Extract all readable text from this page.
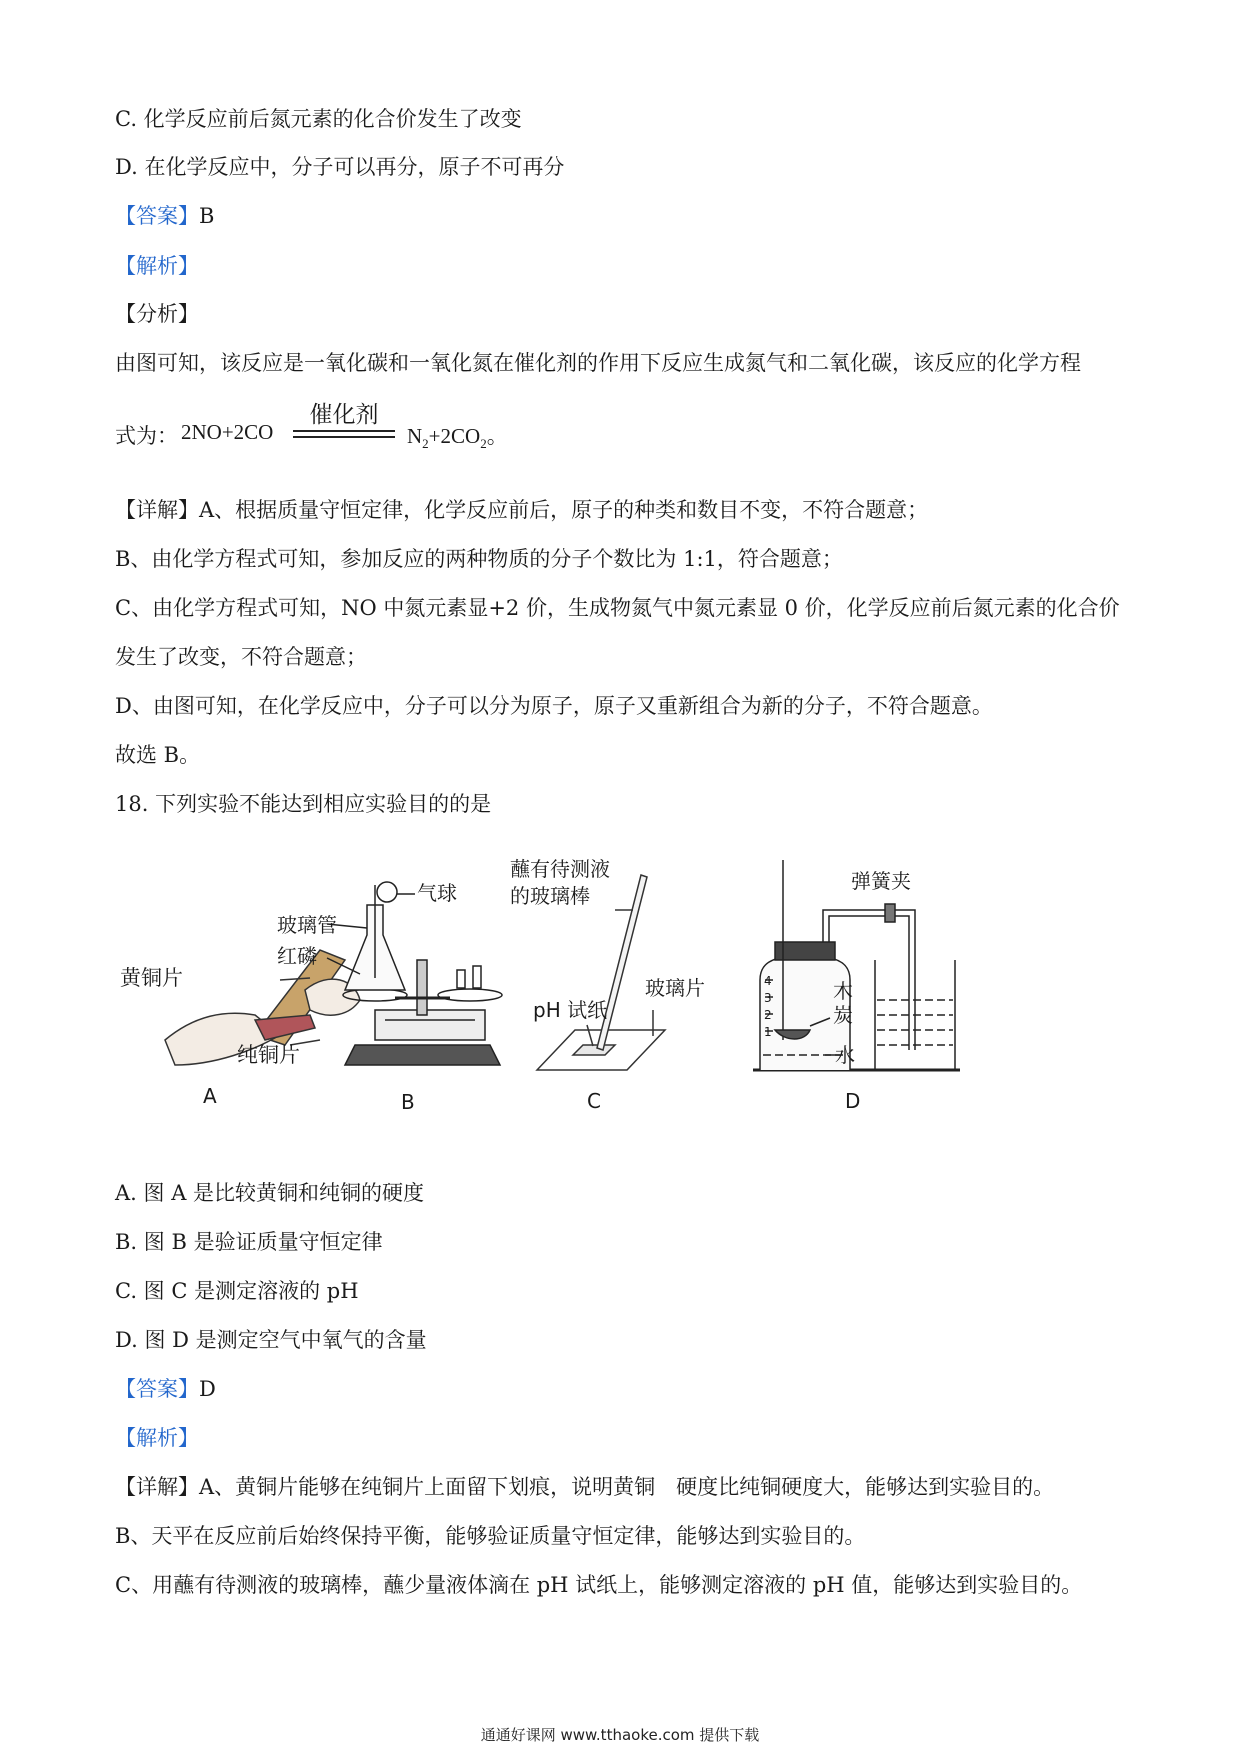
C. 化学反应前后氮元素的化合价发生了改变
D. 在化学反应中，分子可以再分，原子不可再分
【答案】B
【解析】
【分析】
由图可知，该反应是一氧化碳和一氧化氮在催化剂的作用下反应生成氮气和二氧化碳，该反应的化学方程
式为： 2NO+2CO
催化剂
$N_2+2CO_2$。
【详解】A、根据质量守恒定律，化学反应前后，原子的种类和数目不变，不符合题意；
B、由化学方程式可知，参加反应的两种物质的分子个数比为 1:1，符合题意；
C、由化学方程式可知，NO 中氮元素显+2 价，生成物氮气中氮元素显 0 价，化学反应前后氮元素的化合价
发生了改变，不符合题意；
D、由图可知，在化学反应中，分子可以分为原子，原子又重新组合为新的分子，不符合题意。
故选 B。
18. 下列实验不能达到相应实验目的的是
黄铜片
纯铜片
A
玻璃管
红磷
气球
B
蘸有待测液
的玻璃棒
pH 试纸
玻璃片
C
弹簧夹
木
炭
水
4
3
2
1
D
A. 图 A 是比较黄铜和纯铜的硬度
B. 图 B 是验证质量守恒定律
C. 图 C 是测定溶液的 pH
D. 图 D 是测定空气中氧气的含量
【答案】D
【解析】
【详解】A、黄铜片能够在纯铜片上面留下划痕，说明黄铜　硬度比纯铜硬度大，能够达到实验目的。
B、天平在反应前后始终保持平衡，能够验证质量守恒定律，能够达到实验目的。
C、用蘸有待测液的玻璃棒，蘸少量液体滴在 pH 试纸上，能够测定溶液的 pH 值，能够达到实验目的。
通通好课网 www.tthaoke.com 提供下载
